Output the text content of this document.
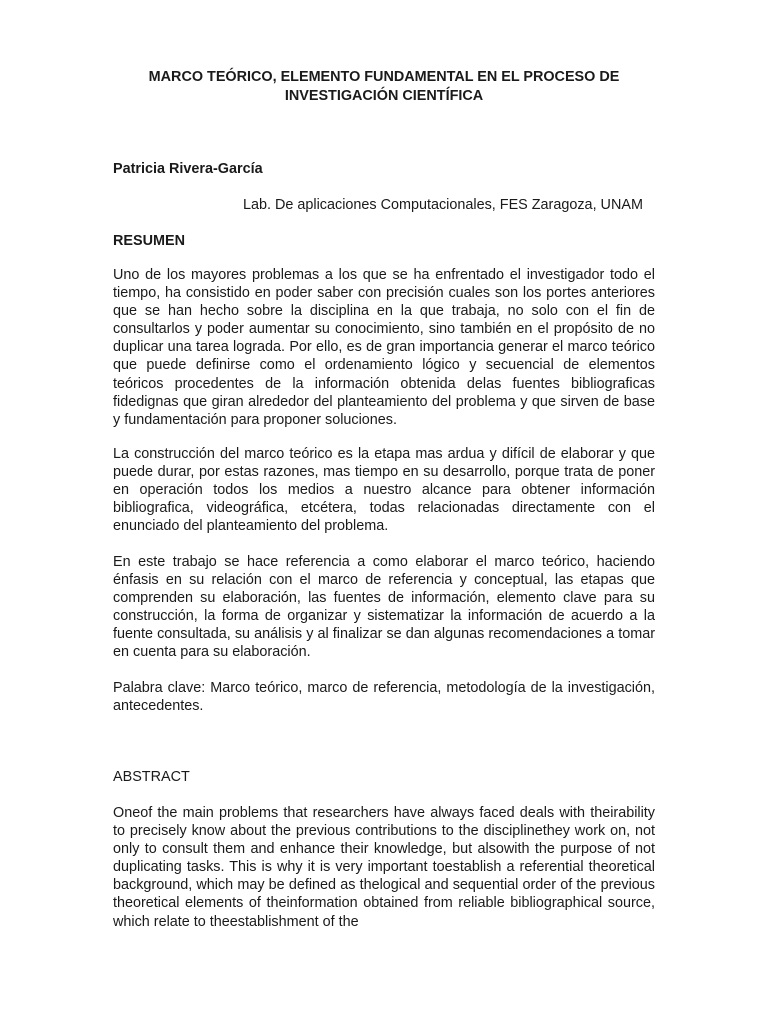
MARCO TEÓRICO, ELEMENTO FUNDAMENTAL EN EL PROCESO DE INVESTIGACIÓN CIENTÍFICA
Patricia Rivera-García
Lab. De aplicaciones Computacionales, FES Zaragoza, UNAM
RESUMEN
Uno de los mayores problemas a los que se ha enfrentado el investigador todo el tiempo, ha consistido en poder saber con precisión cuales son los portes anteriores que se han hecho sobre la disciplina en la que trabaja, no solo con el fin de consultarlos y poder aumentar su conocimiento, sino también en el propósito de no duplicar una tarea lograda. Por ello, es de gran importancia generar el marco teórico que puede definirse como el ordenamiento lógico y secuencial de elementos teóricos procedentes de la información obtenida delas fuentes bibliograficas fidedignas que giran alrededor del planteamiento del problema y que sirven de base y fundamentación para proponer soluciones.
La construcción del marco teórico es la etapa mas ardua y difícil de elaborar y que puede durar, por estas razones, mas tiempo en su desarrollo, porque trata de poner en operación todos los medios a nuestro alcance para obtener información bibliografica, videográfica, etcétera, todas relacionadas directamente con el enunciado del planteamiento del problema.
En este trabajo se hace referencia a como elaborar el marco teórico, haciendo énfasis en su relación con el marco de referencia y conceptual, las etapas que comprenden su elaboración, las fuentes de información, elemento clave para su construcción, la forma de organizar y sistematizar la información de acuerdo a la fuente consultada, su análisis y al finalizar se dan algunas recomendaciones a tomar en cuenta para su elaboración.
Palabra clave: Marco teórico, marco de referencia, metodología de la investigación, antecedentes.
ABSTRACT
Oneof the main problems that researchers have always faced deals with theirability to precisely know about the previous contributions to the disciplinethey work on, not only to consult them and enhance their knowledge, but alsowith the purpose of not duplicating tasks. This is why it is very important toestablish a referential theoretical background, which may be defined as thelogical and sequential order of the previous theoretical elements of theinformation obtained from reliable bibliographical source, which relate to theestablishment of the
